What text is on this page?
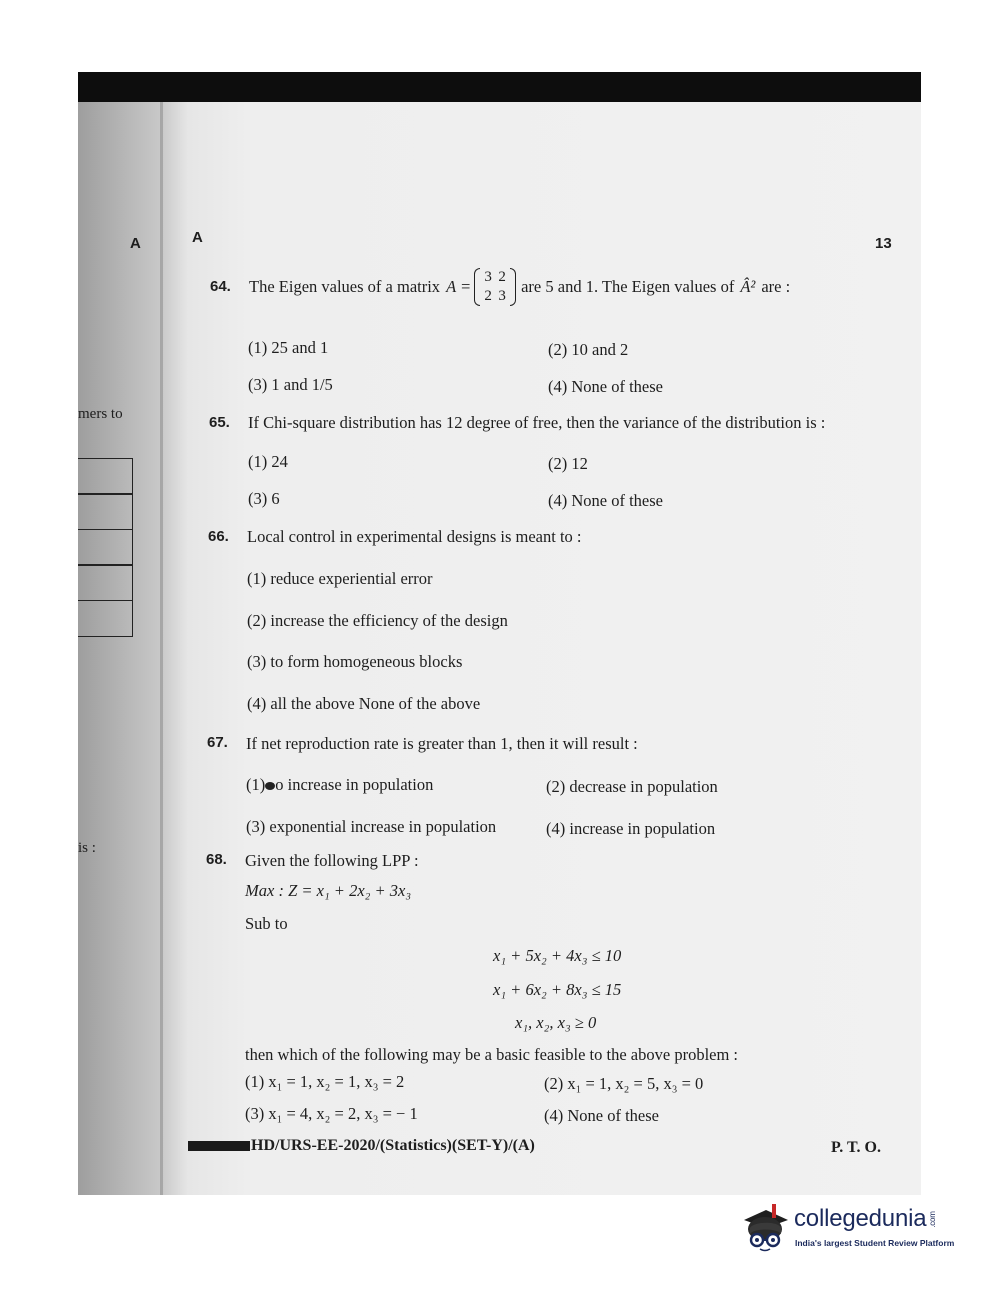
A
mers to
is :
A	13
64. The Eigen values of a matrix A = 3 2
2 3 are 5 and 1. The Eigen values of Â² are :
(1) 25 and 1	(2) 10 and 2
(3) 1 and 1/5	(4) None of these
65. If Chi-square distribution has 12 degree of free, then the variance of the distribution is :
(1) 24	(2) 12
(3) 6	(4) None of these
66. Local control in experimental designs is meant to :
(1) reduce experiential error
(2) increase the efficiency of the design
(3) to form homogeneous blocks
(4) all the above None of the above
67. If net reproduction rate is greater than 1, then it will result :
(1) o increase in population	(2) decrease in population
(3) exponential increase in population	(4) increase in population
68. Given the following LPP :
Max : Z = x₁ + 2x₂ + 3x₃
Sub to
x₁ + 5x₂ + 4x₃ ≤ 10
x₁ + 6x₂ + 8x₃ ≤ 15
x₁, x₂, x₃ ≥ 0
then which of the following may be a basic feasible to the above problem :
(1) x₁ = 1, x₂ = 1, x₃ = 2	(2) x₁ = 1, x₂ = 5, x₃ = 0
(3) x₁ = 4, x₂ = 2, x₃ = − 1	(4) None of these
HD/URS-EE-2020/(Statistics)(SET-Y)/(A)	P. T. O.
collegedunia .com
India's largest Student Review Platform
